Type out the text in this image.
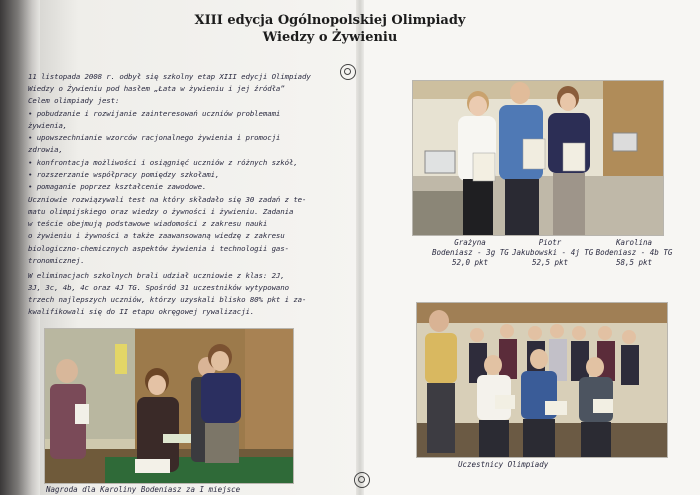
XIII edycja Ogólnopolskiej Olimpiady
Wiedzy o Żywieniu
11 listopada 2008 r. odbył się szkolny etap XIII edycji Olimpiady
Wiedzy o Żywieniu pod hasłem „Łata w żywieniu i jej źródła”
Celem olimpiady jest:
• pobudzanie i rozwijanie zainteresowań uczniów problemami
żywienia,
• upowszechnianie wzorców racjonalnego żywienia i promocji
zdrowia,
• konfrontacja możliwości i osiągnięć uczniów z różnych szkół,
• rozszerzanie współpracy pomiędzy szkołami,
• pomaganie poprzez kształcenie zawodowe.
Uczniowie rozwiązywali test na który składało się 30 zadań z te-
matu olimpijskiego oraz wiedzy o żywności i żywieniu. Zadania
w teście obejmują podstawowe wiadomości z zakresu nauki
o żywieniu i żywności a także zaawansowaną wiedzę z zakresu
biologiczno-chemicznych aspektów żywienia i technologii gas-
tronomicznej.
W eliminacjach szkolnych brali udział uczniowie z klas: 2J,
3J, 3c, 4b, 4c oraz 4J TG. Spośród 31 uczestników wytypowano
trzech najlepszych uczniów, którzy uzyskali blisko 80% pkt i za-
kwalifikowali się do II etapu okręgowej rywalizacji.
Nagroda dla Karoliny Bodeniasz za I miejsce
Grażyna
Bodeniasz - 3g TG
52,0 pkt
Piotr
Jakubowski - 4j TG
52,5 pkt
Karolina
Bodeniasz - 4b TG
58,5 pkt
Uczestnicy Olimpiady
